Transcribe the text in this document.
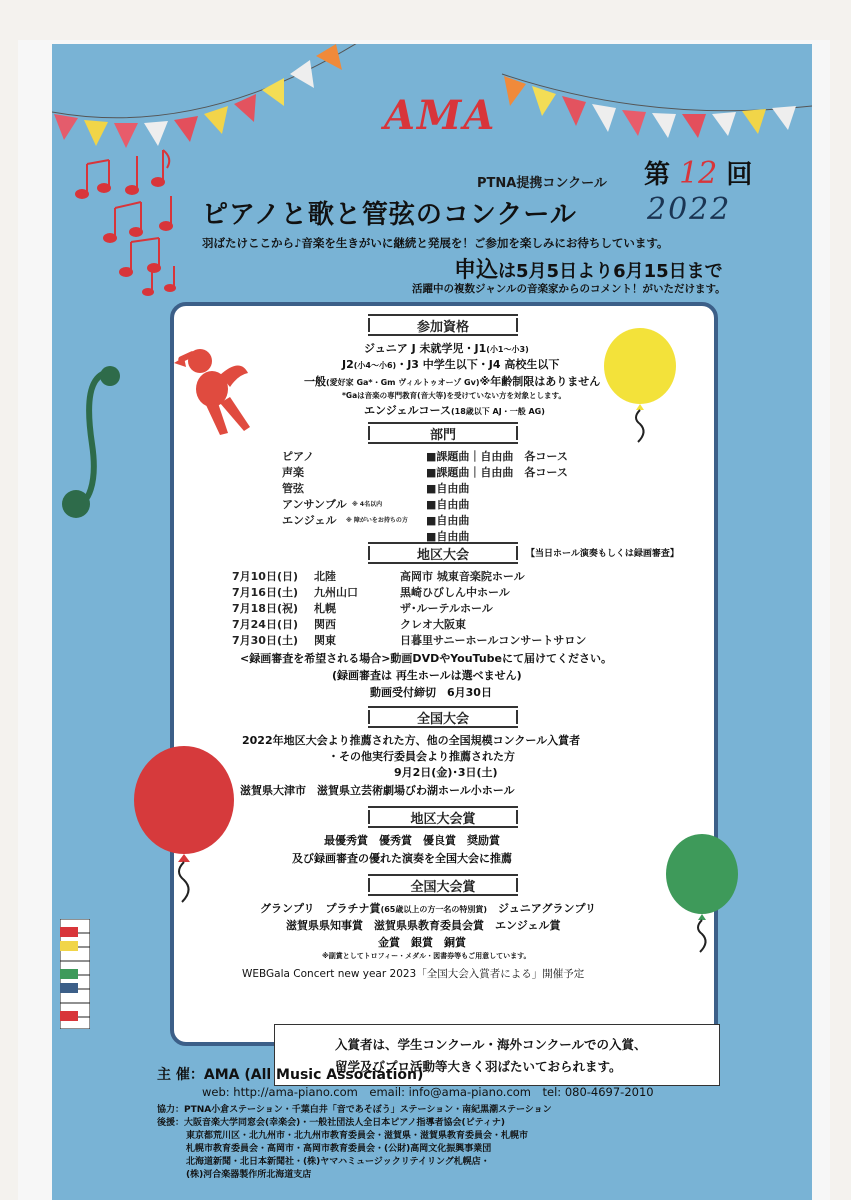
AMA
PTNA提携コンクール 第 12 回
ピアノと歌と管弦のコンクール 2022
羽ばたけここから♪音楽を生きがいに継続と発展を！ご参加を楽しみにお待ちしています。
申込は5月5日より6月15日まで
活躍中の複数ジャンルの音楽家からのコメント！がいただけます。
参加資格
ジュニア J 未就学児・J1(小1〜小3)
J2(小4〜小6)・J3 中学生以下・J4 高校生以下
一般(愛好家 Ga*・Gm ヴィルトゥオーゾ Gv)※年齢制限はありません
*Gaは音楽の専門教育(音大等)を受けていない方を対象とします。
エンジェルコース(18歳以下 AJ・一般 AG)
部門
ピアノ	■課題曲｜自由曲　各コース
声楽	■課題曲｜自由曲　各コース
管弦	■自由曲
アンサンブル ※ 4名以内	■自由曲
エンジェル ※ 障がいをお持ちの方 ■自由曲
■自由曲
地区大会	【当日ホール演奏もしくは録画審査】
7月10日(日) 北陸	高岡市 城東音楽院ホール
7月16日(土) 九州山口	黒崎ひびしん中ホール
7月18日(祝) 札幌	ザ･ルーテルホール
7月24日(日) 関西	クレオ大阪東
7月30日(土) 関東	日暮里サニーホールコンサートサロン
<録画審査を希望される場合>動画DVDやYouTubeにて届けてください。
(録画審査は 再生ホールは選べません)
動画受付締切　6月30日
全国大会
2022年地区大会より推薦された方、他の全国規模コンクール入賞者
・その他実行委員会より推薦された方
9月2日(金)･3日(土)
滋賀県大津市　滋賀県立芸術劇場びわ湖ホール小ホール
地区大会賞
最優秀賞　優秀賞　優良賞　奨励賞
及び録画審査の優れた演奏を全国大会に推薦
全国大会賞
グランプリ　プラチナ賞(65歳以上の方一名の特別賞)　 ジュニアグランプリ
滋賀県県知事賞　滋賀県県教育委員会賞　エンジェル賞
金賞　銀賞　銅賞
※副賞としてトロフィー・メダル・図書券等もご用意しています。
WEBGala Concert new year 2023「全国大会入賞者による」開催予定
入賞者は、学生コンクール・海外コンクールでの入賞、
留学及びプロ活動等大きく羽ばたいておられます。
主 催：AMA (All Music Association)
web: http://ama-piano.com　email: info@ama-piano.com　tel: 080-4697-2010
協力：PTNA小倉ステーション・千葉白井「音であそぼう」ステーション・南紀黒潮ステーション
後援：大阪音楽大学同窓会(幸楽会)・一般社団法人全日本ピアノ指導者協会(ピティナ)
東京都荒川区・北九州市・北九州市教育委員会・滋賀県・滋賀県教育委員会・札幌市
札幌市教育委員会・高岡市・高岡市教育委員会・(公財)高岡文化振興事業団
北海道新聞・北日本新聞社・(株)ヤマハミュージックリテイリング札幌店・
(株)河合楽器製作所北海道支店
